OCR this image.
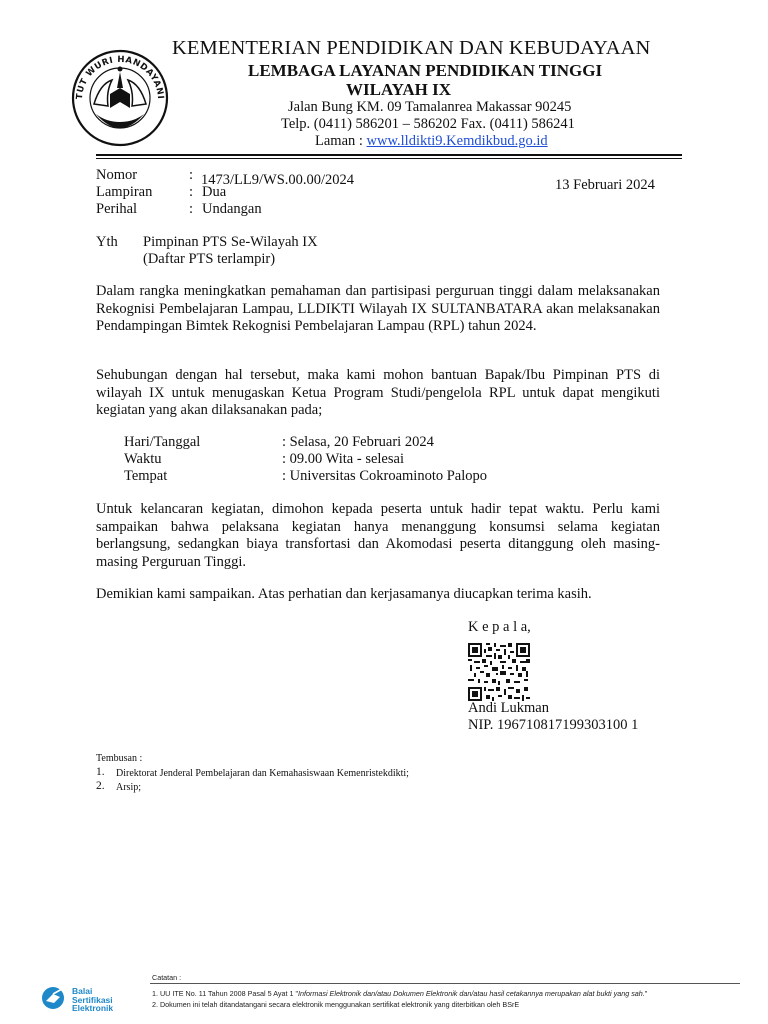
TUT WURI HANDAYANI
KEMENTERIAN PENDIDIKAN DAN KEBUDAYAAN
LEMBAGA LAYANAN PENDIDIKAN TINGGI
WILAYAH IX
Jalan Bung KM. 09 Tamalanrea Makassar 90245
Telp. (0411) 586201 – 586202 Fax. (0411) 586241
Laman : www.lldikti9.Kemdikbud.go.id
Nomor	: 1473/LL9/WS.00.00/2024
Lampiran	: Dua
Perihal	: Undangan
13 Februari 2024
Yth Pimpinan PTS Se-Wilayah IX
(Daftar PTS terlampir)
Dalam rangka meningkatkan pemahaman dan partisipasi perguruan tinggi dalam melaksanakan Rekognisi Pembelajaran Lampau, LLDIKTI Wilayah IX SULTANBATARA akan melaksanakan Pendampingan Bimtek Rekognisi Pembelajaran Lampau (RPL) tahun 2024.
Sehubungan dengan hal tersebut, maka kami mohon bantuan Bapak/Ibu Pimpinan PTS di wilayah IX untuk menugaskan Ketua Program Studi/pengelola RPL untuk dapat mengikuti kegiatan yang akan dilaksanakan pada;
Hari/Tanggal	: Selasa, 20 Februari 2024
Waktu	: 09.00 Wita - selesai
Tempat	: Universitas Cokroaminoto Palopo
Untuk kelancaran kegiatan, dimohon kepada peserta untuk hadir tepat waktu. Perlu kami sampaikan bahwa pelaksana kegiatan hanya menanggung konsumsi selama kegiatan berlangsung, sedangkan biaya transfortasi dan Akomodasi peserta ditanggung oleh masing-masing Perguruan Tinggi.
Demikian kami sampaikan. Atas perhatian dan kerjasamanya diucapkan terima kasih.
K e p a l a,
Andi Lukman
NIP. 196710817199303100 1
Tembusan :
1. Direktorat Jenderal Pembelajaran dan Kemahasiswaan Kemenristekdikti;
2. Arsip;
Balai
Sertifikasi
Elektronik
Catatan :
1. UU ITE No. 11 Tahun 2008 Pasal 5 Ayat 1 "Informasi Elektronik dan/atau Dokumen Elektronik dan/atau hasil cetakannya merupakan alat bukti yang sah."
2. Dokumen ini telah ditandatangani secara elektronik menggunakan sertifikat elektronik yang diterbitkan oleh BSrE
